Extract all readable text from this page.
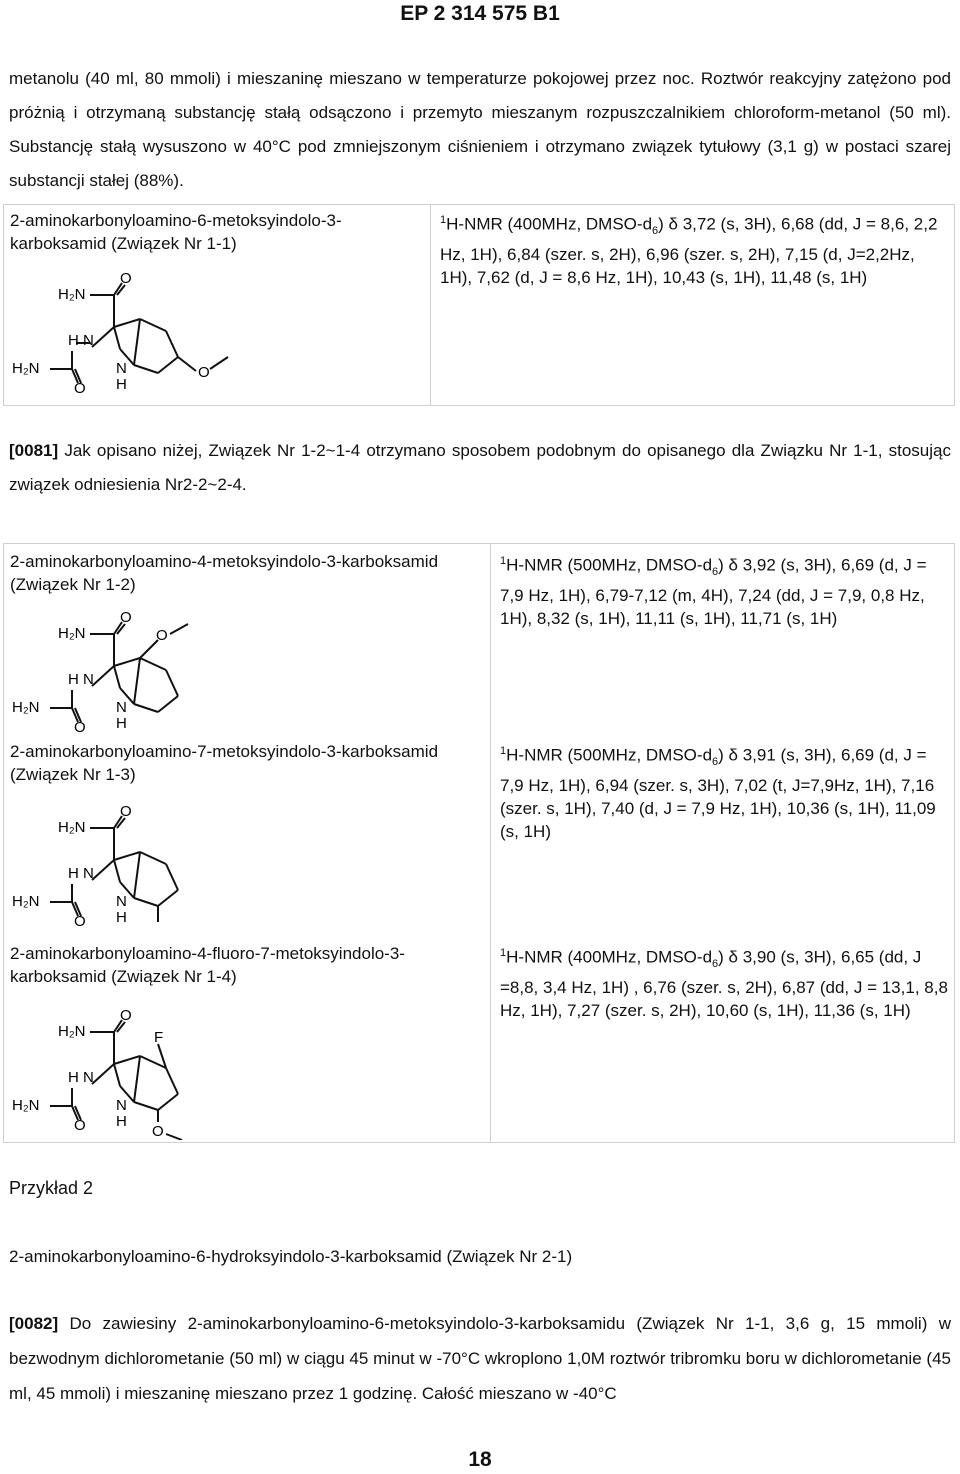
EP 2 314 575 B1
metanolu (40 ml, 80 mmoli) i mieszaninę mieszano w temperaturze pokojowej przez noc. Roztwór reakcyjny zatężono pod próżnią i otrzymaną substancję stałą odsączono i przemyto mieszanym rozpuszczalnikiem chloroform-metanol (50 ml). Substancję stałą wysuszono w 40°C pod zmniejszonym ciśnieniem i otrzymano związek tytułowy (3,1 g) w postaci szarej substancji stałej (88%).
2-aminokarbonyloamino-6-metoksyindolo-3-karboksamid (Związek Nr 1-1)
$^1$H-NMR (400MHz, DMSO-$d_6$) δ 3,72 (s, 3H), 6,68 (dd, J = 8,6, 2,2 Hz, 1H), 6,84 (szer. s, 2H), 6,96 (szer. s, 2H), 7,15 (d, J=2,2Hz, 1H), 7,62 (d, J = 8,6 Hz, 1H), 10,43 (s, 1H), 11,48 (s, 1H)
H₂N
O
H N
H₂N
O
N
H
O
[0081] Jak opisano niżej, Związek Nr 1-2~1-4 otrzymano sposobem podobnym do opisanego dla Związku Nr 1-1, stosując związek odniesienia Nr2-2~2-4.
2-aminokarbonyloamino-4-metoksyindolo-3-karboksamid (Związek Nr 1-2)
$^1$H-NMR (500MHz, DMSO-$d_6$) δ 3,92 (s, 3H), 6,69 (d, J = 7,9 Hz, 1H), 6,79-7,12 (m, 4H), 7,24 (dd, J = 7,9, 0,8 Hz, 1H), 8,32 (s, 1H), 11,11 (s, 1H), 11,71 (s, 1H)
H₂N
O
O
H N
H₂N
O
N
H
2-aminokarbonyloamino-7-metoksyindolo-3-karboksamid (Związek Nr 1-3)
$^1$H-NMR (500MHz, DMSO-$d_6$) δ 3,91 (s, 3H), 6,69 (d, J = 7,9 Hz, 1H), 6,94 (szer. s, 3H), 7,02 (t, J=7,9Hz, 1H), 7,16 (szer. s, 1H), 7,40 (d, J = 7,9 Hz, 1H), 10,36 (s, 1H), 11,09 (s, 1H)
H₂N
O
H N
H₂N
O
N
H
2-aminokarbonyloamino-4-fluoro-7-metoksyindolo-3-karboksamid (Związek Nr 1-4)
$^1$H-NMR (400MHz, DMSO-$d_6$) δ 3,90 (s, 3H), 6,65 (dd, J =8,8, 3,4 Hz, 1H) , 6,76 (szer. s, 2H), 6,87 (dd, J = 13,1, 8,8 Hz, 1H), 7,27 (szer. s, 2H), 10,60 (s, 1H), 11,36 (s, 1H)
H₂N
O
F
H N
H₂N
O
N
H
O
Przykład 2
2-aminokarbonyloamino-6-hydroksyindolo-3-karboksamid (Związek Nr 2-1)
[0082] Do zawiesiny 2-aminokarbonyloamino-6-metoksyindolo-3-karboksamidu (Związek Nr 1-1, 3,6 g, 15 mmoli) w bezwodnym dichlorometanie (50 ml) w ciągu 45 minut w -70°C wkroplono 1,0M roztwór tribromku boru w dichlorometanie (45 ml, 45 mmoli) i mieszaninę mieszano przez 1 godzinę. Całość mieszano w -40°C
18
